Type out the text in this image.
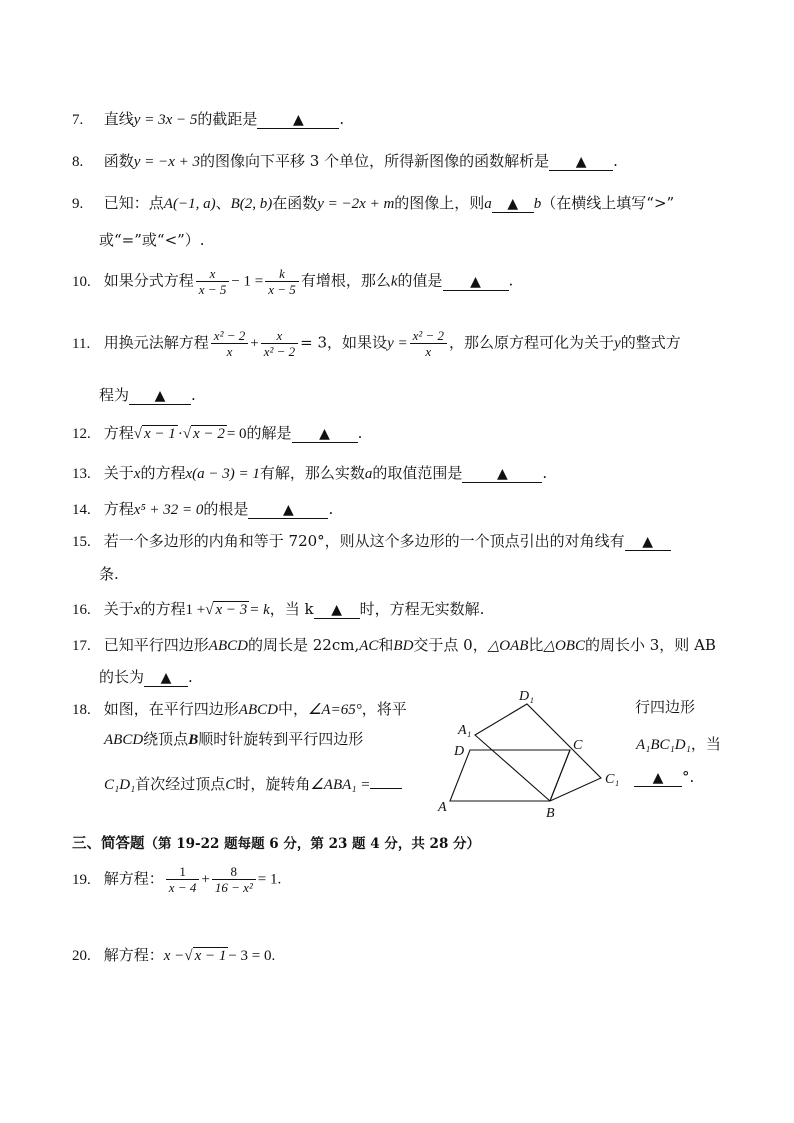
7. 直线y = 3x − 5的截距是	▲ .
8. 函数y = −x + 3的图像向下平移 3 个单位，所得新图像的函数解析是 ▲ .
9. 已知：点A(−1, a)、B(2, b)在函数y = −2x + m的图像上，则a ▲ b（在横线上填写“>”
或“=”或“<”）.
10. 如果分式方程 $\frac{x}{x - 5} - 1 = \frac{k}{x - 5}$ 有增根，那么k的值是 ▲ .
11. 用换元法解方程 $\frac{\text{x² − 2}}{x} + \frac{x}{\text{x² − 2}} = 3$，如果设$y = \frac{\text{x² − 2}}{x}$ ，那么原方程可化为关于y的整式方
程为 ▲ .
12. 方程√ x − 1 ·√ x − 2 = 0的解是 ▲ .
13. 关于x的方程x(a − 3) = 1有解，那么实数a的取值范围是 ▲ .
14. 方程x⁵ + 32 = 0的根是 ▲ .
15. 若一个多边形的内角和等于 720°，则从这个多边形的一个顶点引出的对角线有 ▲
条.
16. 关于x的方程1 +√ x − 3 = k，当 k ▲ 时，方程无实数解.
17. 已知平行四边形ABCD的周长是 22cm,AC和BD交于点 0，△OAB比△OBC的周长小 3，则 AB
的长为 ▲ .
18. 如图，在平行四边形ABCD中，∠A=65°，将平	行四边形
ABCD绕顶点B顺时针旋转到平行四边形	A₁BC₁D₁，当
C₁D₁首次经过顶点C时，旋转角∠ABA₁ =	▲ °.
D₁
A₁
D	C
C₁
A	B
三、简答题（第 19-22 题每题 6 分，第 23 题 4 分，共 28 分）
19. 解方程： $\frac{1}{x - 4} + \frac{8}{\text{16 − x²}} = 1$.
20. 解方程：x −√ x − 1 − 3 = 0.
